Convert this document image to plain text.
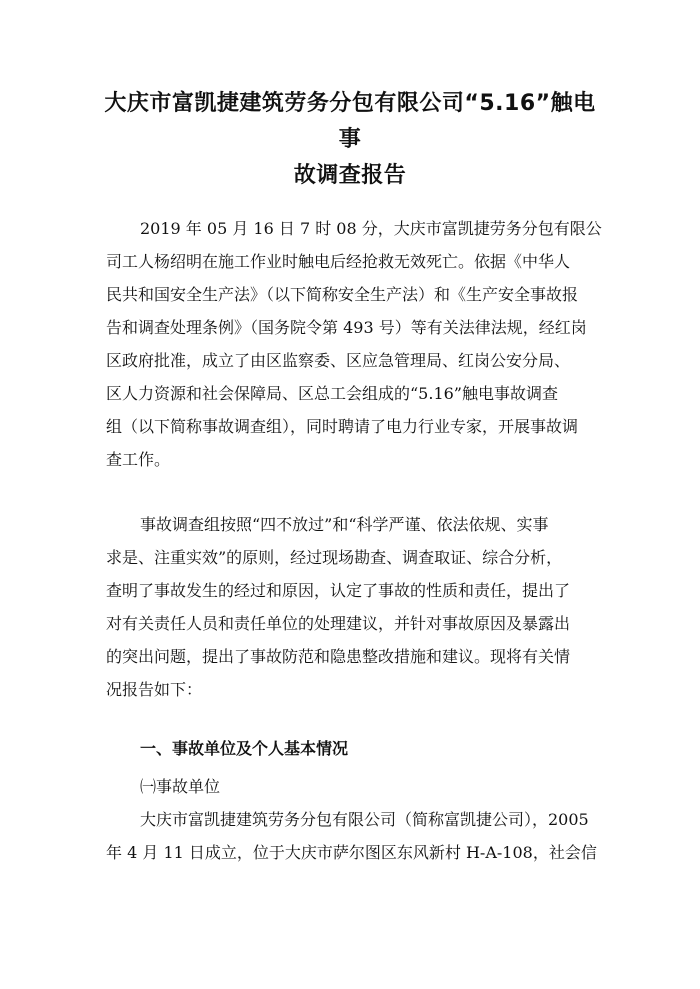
大庆市富凯捷建筑劳务分包有限公司“5.16”触电事
故调查报告
2019 年 05 月 16 日 7 时 08 分，大庆市富凯捷劳务分包有限公
司工人杨绍明在施工作业时触电后经抢救无效死亡。依据《中华人
民共和国安全生产法》（以下简称安全生产法）和《生产安全事故报
告和调查处理条例》（国务院令第 493 号）等有关法律法规，经红岗
区政府批准，成立了由区监察委、区应急管理局、红岗公安分局、
区人力资源和社会保障局、区总工会组成的“5.16”触电事故调查
组（以下简称事故调查组），同时聘请了电力行业专家，开展事故调
查工作。
事故调查组按照“四不放过”和“科学严谨、依法依规、实事
求是、注重实效”的原则，经过现场勘查、调查取证、综合分析，
查明了事故发生的经过和原因，认定了事故的性质和责任，提出了
对有关责任人员和责任单位的处理建议，并针对事故原因及暴露出
的突出问题，提出了事故防范和隐患整改措施和建议。现将有关情
况报告如下：
一、事故单位及个人基本情况
㈠事故单位
大庆市富凯捷建筑劳务分包有限公司（简称富凯捷公司），2005
年 4 月 11 日成立，位于大庆市萨尔图区东风新村 H-A-108，社会信
